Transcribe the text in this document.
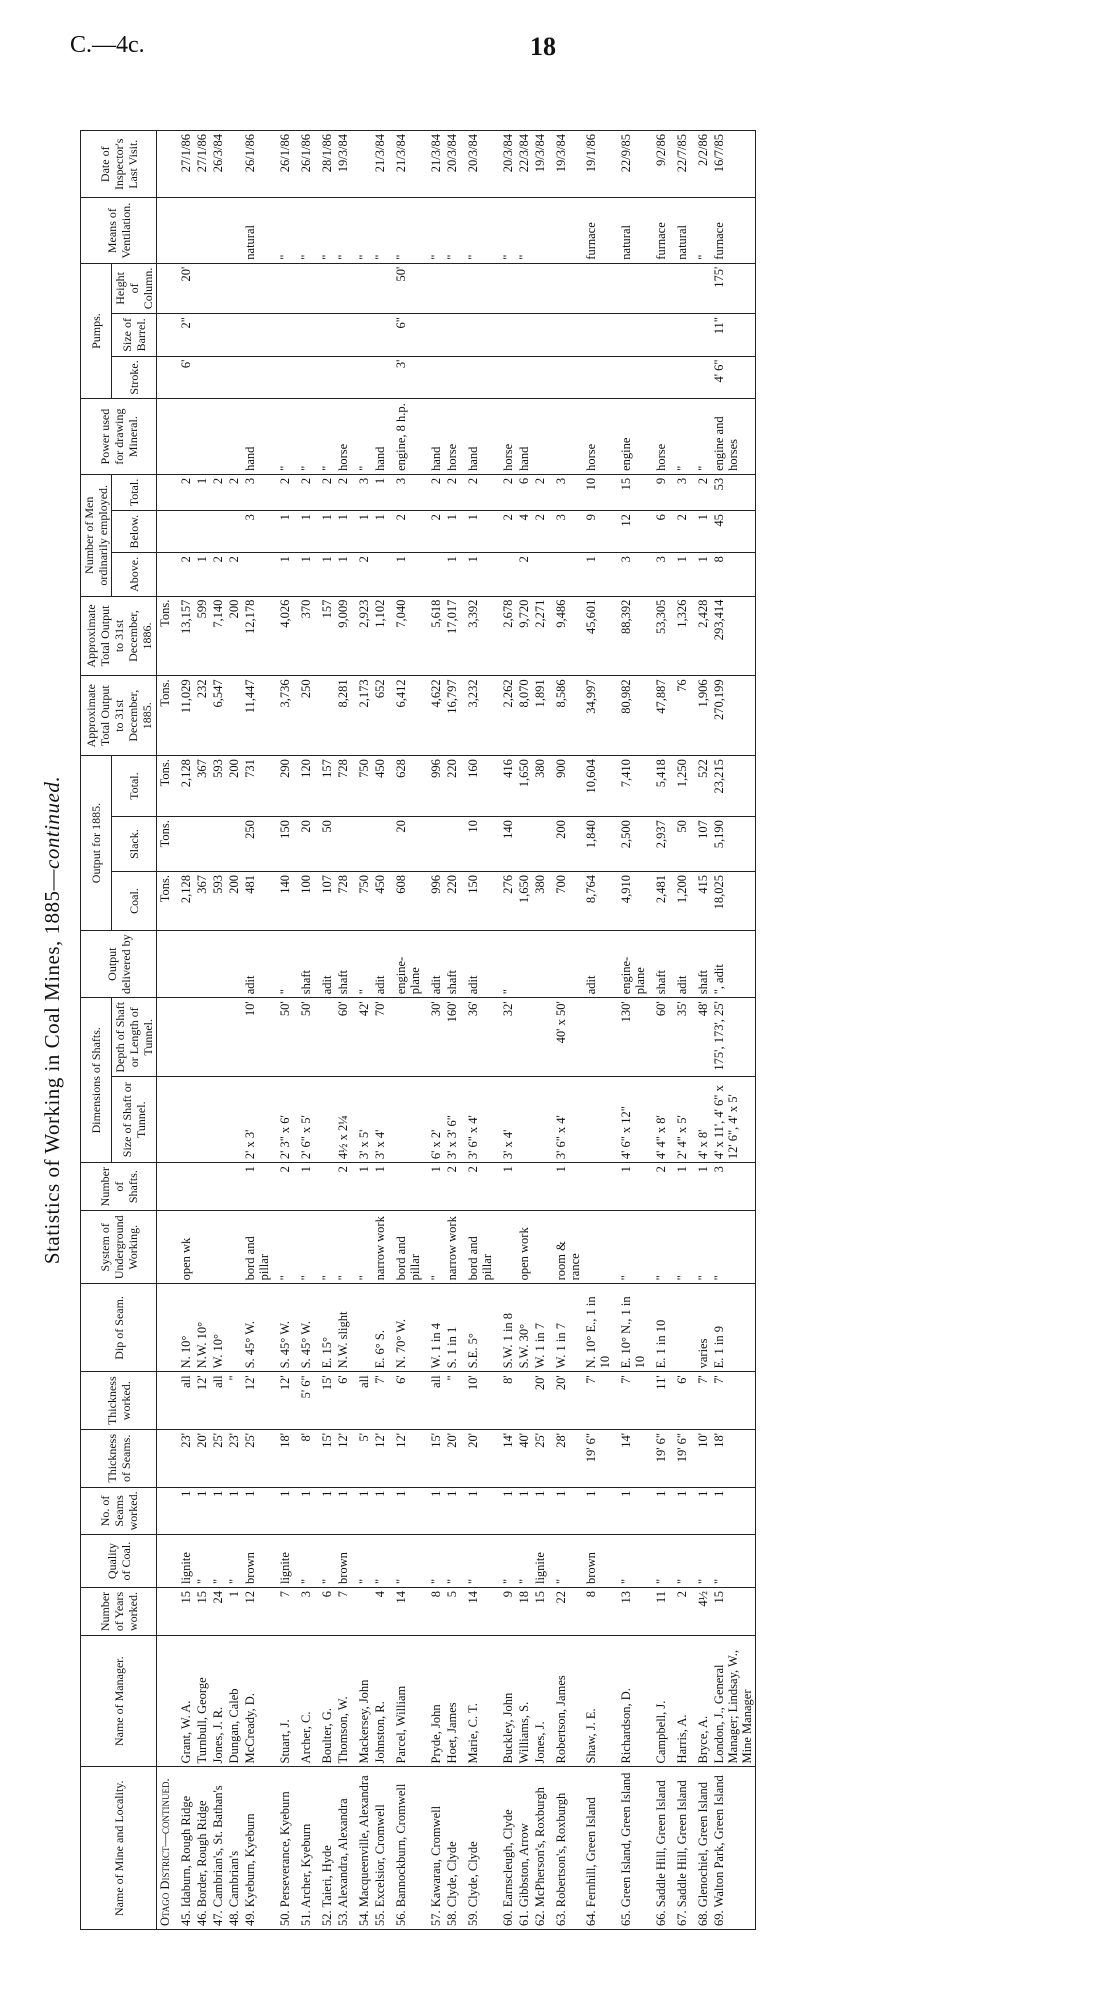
C.—4c.	18
Statistics of Working in Coal Mines, 1885—continued.
Name of Mine and Locality.	Name of Manager.	Number of Years worked.	Quality of Coal.	No. of Seams worked.	Thickness of Seams.	Thickness worked.	Dip of Seam.	System of Underground Working.	Number of Shafts.	Dimensions of Shafts.		Output delivered by	Output for 1885.			Approximate Total Output to 31st December, 1885.	Approximate Total Output to 31st December, 1886.	Number of Men ordinarily employed.			Power used for drawing Mineral.	Pumps.			Means of Ventilation.	Date of Inspector's Last Visit.
										Size of Shaft or Tunnel.	Depth of Shaft or Length of Tunnel.		Coal.	Slack.	Total.			Above.	Below.	Total.		Stroke.	Size of Barrel.	Height of Column.		
Otago District—continued.													Tons.	Tons.	Tons.	Tons.	Tons.									
45. Idaburn, Rough Ridge	Grant, W. A.	15	lignite	1	23'	all	N. 10°	open wk					2,128		2,128	11,029	13,157	2		2		6'	2"	20'		27/1/86
46. Border, Rough Ridge	Turnbull, George	15	"	1	20'	12'	N.W. 10°						367		367	232	599	1		1						27/1/86
47. Cambrian's, St. Bathan's	Jones, J. R.	24	"	1	25'	all	W. 10°						593		593	6,547	7,140	2		2						26/3/84
48. Cambrian's	Dungan, Caleb	1	"	1	23'	"							200		200		200	2		2						
49. Kyeburn, Kyeburn	McCready, D.	12	brown	1	25'	12'	S. 45° W.	bord and pillar	1	2' x 3'	10'	adit	481	250	731	11,447	12,178		3	3	hand				natural	26/1/86
50. Perseverance, Kyeburn	Stuart, J.	7	lignite	1	18'	12'	S. 45° W.	"	2	2' 3" x 6'	50'	"	140	150	290	3,736	4,026	1	1	2	"				"	26/1/86
51. Archer, Kyeburn	Archer, C.	3	"	1	8'	5' 6"	S. 45° W.	"	1	2' 6" x 5'	50'	shaft	100	20	120	250	370	1	1	2	"				"	26/1/86
52. Taieri, Hyde	Boulter, G.	6	"	1	15'	15'	E. 15°	"				adit	107	50	157		157	1	1	2	"				"	28/1/86
53. Alexandra, Alexandra	Thomson, W.	7	brown	1	12'	6'	N.W. slight	"	2	4½ x 2¼	60'	shaft	728		728	8,281	9,009	1	1	2	horse				"	19/3/84
54. Macqueenville, Alexandra	Mackersey, John		"	1	5'	all		"	1	3' x 5'	42'	"	750		750	2,173	2,923	2	1	3	"				"	
55. Excelsior, Cromwell	Johnston, R.	4	"	1	12'	7'	E. 6° S.	narrow work	1	3' x 4'	70'	adit	450		450	652	1,102		1	1	hand				"	21/3/84
56. Bannockburn, Cromwell	Parcel, William	14	"	1	12'	6'	N. 70° W.	bord and pillar				engine-plane	608	20	628	6,412	7,040	1	2	3	engine, 8 h.p.	3'	6"	50'	"	21/3/84
57. Kawarau, Cromwell	Pryde, John	8	"	1	15'	all	W. 1 in 4	"	1	6' x 2'	30'	adit	996		996	4,622	5,618		2	2	hand				"	21/3/84
58. Clyde, Clyde	Hoet, James	5	"	1	20'	"	S. 1 in 1	narrow work	2	3' x 3' 6"	160'	shaft	220		220	16,797	17,017	1	1	2	horse				"	20/3/84
59. Clyde, Clyde	Marie, C. T.	14	"	1	20'	10'	S.E. 5°	bord and pillar	2	3' 6" x 4'	36'	adit	150	10	160	3,232	3,392	1	1	2	hand				"	20/3/84
60. Earnscleugh, Clyde	Buckley, John	9	"	1	14'	8'	S.W. 1 in 8		1	3' x 4'	32'	"	276	140	416	2,262	2,678		2	2	horse				"	20/3/84
61. Gibbston, Arrow	Williams, S.	18	"	1	40'		S.W. 30°	open work					1,650		1,650	8,070	9,720	2	4	6	hand				"	22/3/84
62. McPherson's, Roxburgh	Jones, J.	15	lignite	1	25'	20'	W. 1 in 7						380		380	1,891	2,271		2	2						19/3/84
63. Robertson's, Roxburgh	Robertson, James	22	"	1	28'	20'	W. 1 in 7	room & rance	1	3' 6" x 4'	40' x 50'		700	200	900	8,586	9,486		3	3						19/3/84
64. Fernhill, Green Island	Shaw, J. E.	8	brown	1	19' 6"	7'	N. 10° E., 1 in 10					adit	8,764	1,840	10,604	34,997	45,601	1	9	10	horse				furnace	19/1/86
65. Green Island, Green Island	Richardson, D.	13	"	1	14'	7'	E. 10° N., 1 in 10	"	1	4' 6" x 12"	130'	engine-plane	4,910	2,500	7,410	80,982	88,392	3	12	15	engine				natural	22/9/85
66. Saddle Hill, Green Island	Campbell, J.	11	"	1	19' 6"	11'	E. 1 in 10	"	2	4' 4" x 8'	60'	shaft	2,481	2,937	5,418	47,887	53,305	3	6	9	horse				furnace	9/2/86
67. Saddle Hill, Green Island	Harris, A.	2	"	1	19' 6"	6'		"	1	2' 4" x 5'	35'	adit	1,200	50	1,250	76	1,326	1	2	3	"				natural	22/7/85
68. Glenochiel, Green Island	Bryce, A.	4½	"	1	10'	7'	varies	"	1	4' x 8'	48'	shaft	415	107	522	1,906	2,428	1	1	2	"				"	2/2/86
69. Walton Park, Green Island	London, J., General Manager; Lindsay, W., Mine Manager	15	"	1	18'	7'	E. 1 in 9	"	3	4' x 11', 4' 6" x 12' 6", 4' x 5'	175', 173', 25'	", adit	18,025	5,190	23,215	270,199	293,414	8	45	53	engine and horses	4' 6"	11"	175'	furnace	16/7/85
